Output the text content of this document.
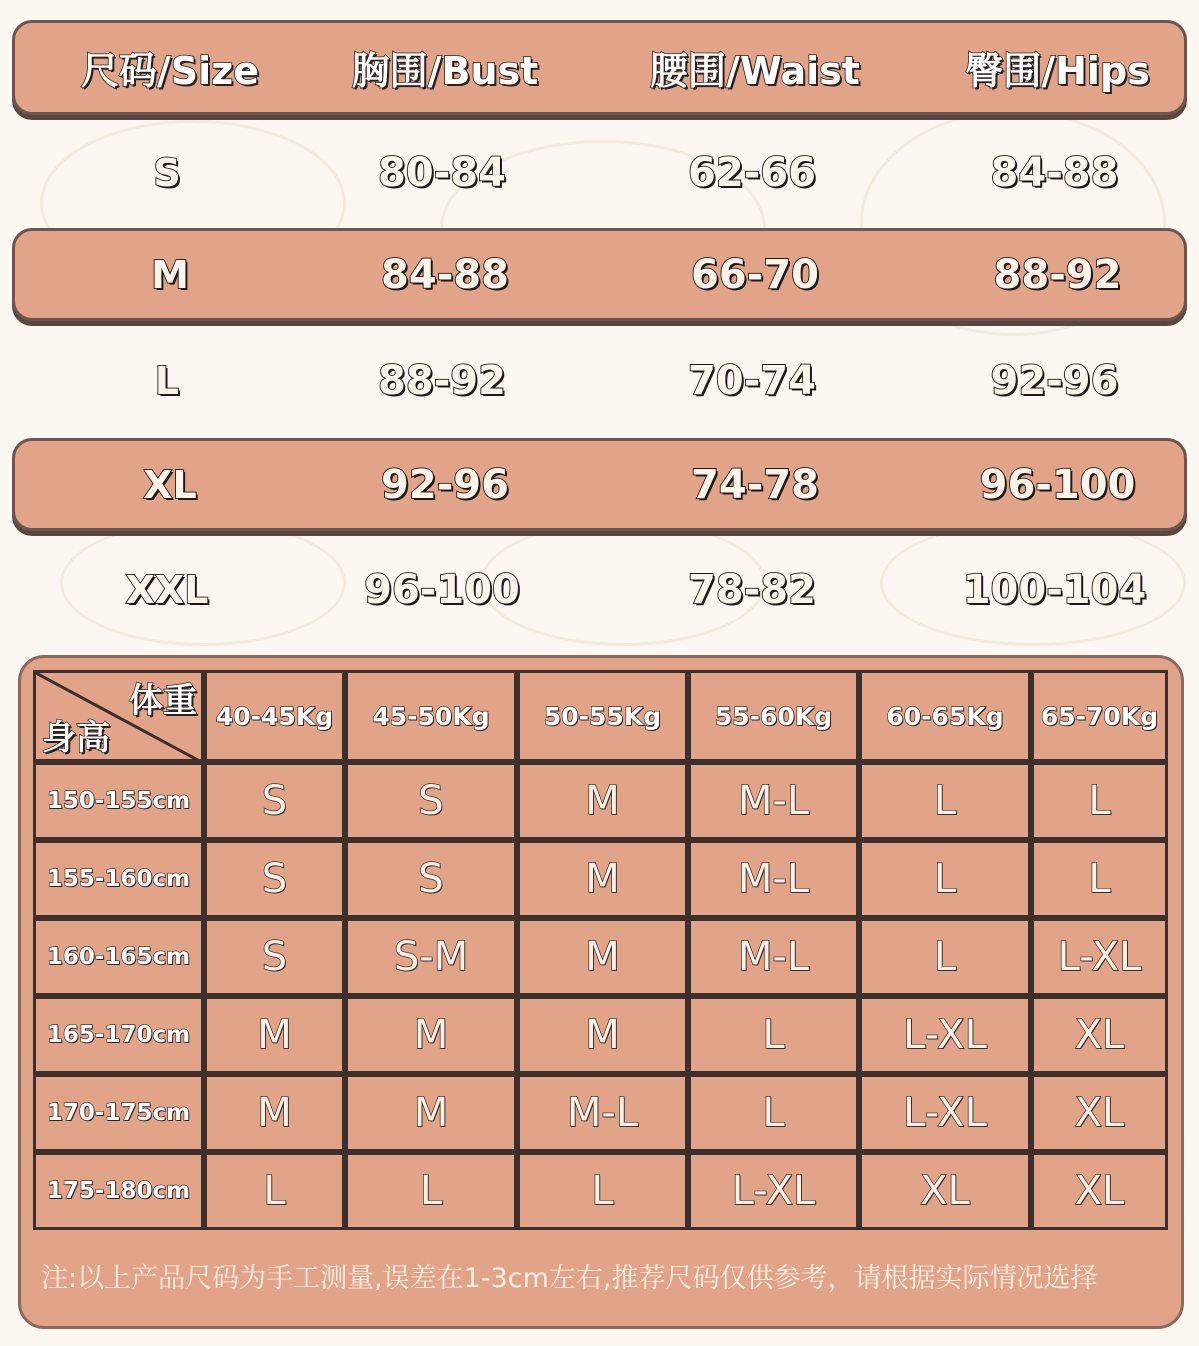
尺码/Size	胸围/Bust	腰围/Waist	臀围/Hips
S	80-84	62-66	84-88
M	84-88	66-70	88-92
L	88-92	70-74	92-96
XL	92-96	74-78	96-100
XXL	96-100	78-82	100-104
体重
身高	40-45Kg	45-50Kg	50-55Kg	55-60Kg	60-65Kg	65-70Kg
150-155cm	S	S	M	M-L	L	L
155-160cm	S	S	M	M-L	L	L
160-165cm	S	S-M	M	M-L	L	L-XL
165-170cm	M	M	M	L	L-XL	XL
170-175cm	M	M	M-L	L	L-XL	XL
175-180cm	L	L	L	L-XL	XL	XL
注:以上产品尺码为手工测量,误差在1-3cm左右,推荐尺码仅供参考，请根据实际情况选择
